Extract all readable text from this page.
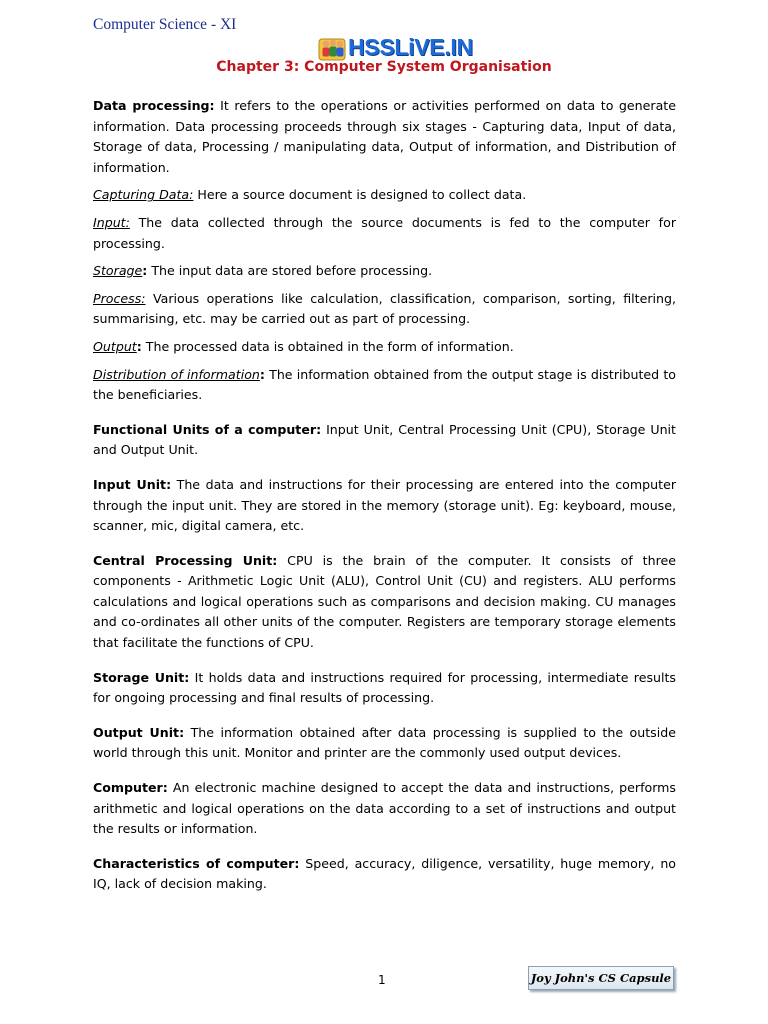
Computer Science - XI
HSSLiVE.IN
Chapter 3: Computer System Organisation

Data processing: It refers to the operations or activities performed on data to generate information. Data processing proceeds through six stages - Capturing data, Input of data, Storage of data, Processing / manipulating data, Output of information, and Distribution of information.

Capturing Data: Here a source document is designed to collect data.

Input: The data collected through the source documents is fed to the computer for processing.

Storage: The input data are stored before processing.

Process: Various operations like calculation, classification, comparison, sorting, filtering, summarising, etc. may be carried out as part of processing.

Output: The processed data is obtained in the form of information.

Distribution of information: The information obtained from the output stage is distributed to the beneficiaries.

Functional Units of a computer: Input Unit, Central Processing Unit (CPU), Storage Unit and Output Unit.

Input Unit: The data and instructions for their processing are entered into the computer through the input unit. They are stored in the memory (storage unit). Eg: keyboard, mouse, scanner, mic, digital camera, etc.

Central Processing Unit: CPU is the brain of the computer. It consists of three components - Arithmetic Logic Unit (ALU), Control Unit (CU) and registers. ALU performs calculations and logical operations such as comparisons and decision making. CU manages and co-ordinates all other units of the computer. Registers are temporary storage elements that facilitate the functions of CPU.

Storage Unit: It holds data and instructions required for processing, intermediate results for ongoing processing and final results of processing.

Output Unit: The information obtained after data processing is supplied to the outside world through this unit. Monitor and printer are the commonly used output devices.

Computer: An electronic machine designed to accept the data and instructions, performs arithmetic and logical operations on the data according to a set of instructions and output the results or information.

Characteristics of computer: Speed, accuracy, diligence, versatility, huge memory, no IQ, lack of decision making.

1	Joy John's CS Capsule
